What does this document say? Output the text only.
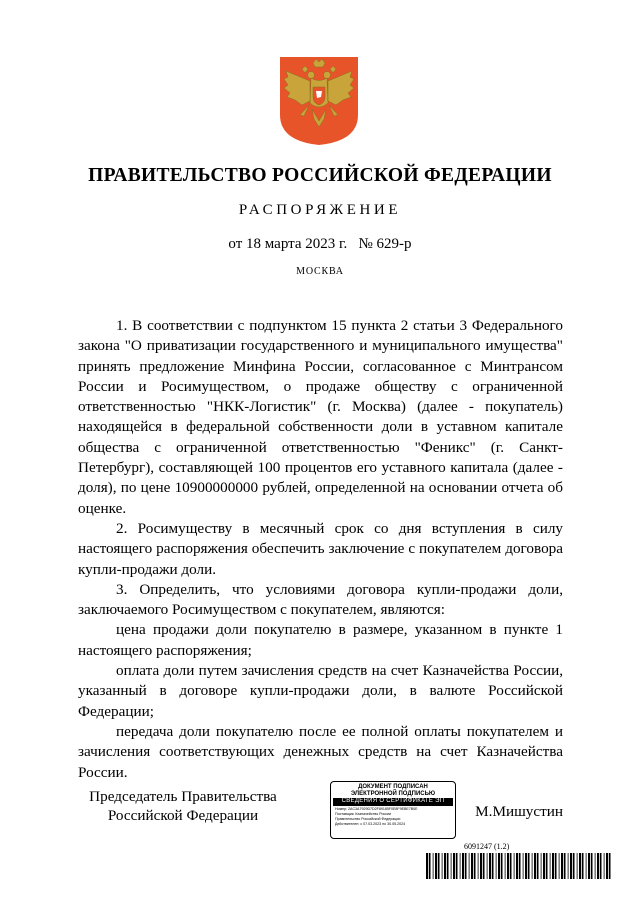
ПРАВИТЕЛЬСТВО РОССИЙСКОЙ ФЕДЕРАЦИИ
РАСПОРЯЖЕНИЕ
от 18 марта 2023 г. № 629-р
МОСКВА

1. В соответствии с подпунктом 15 пункта 2 статьи 3 Федерального закона "О приватизации государственного и муниципального имущества" принять предложение Минфина России, согласованное с Минтрансом России и Росимуществом, о продаже обществу с ограниченной ответственностью "НКК-Логистик" (г. Москва) (далее - покупатель) находящейся в федеральной собственности доли в уставном капитале общества с ограниченной ответственностью "Феникс" (г. Санкт-Петербург), составляющей 100 процентов его уставного капитала (далее - доля), по цене 10900000000 рублей, определенной на основании отчета об оценке.

2. Росимуществу в месячный срок со дня вступления в силу настоящего распоряжения обеспечить заключение с покупателем договора купли-продажи доли.

3. Определить, что условиями договора купли-продажи доли, заключаемого Росимуществом с покупателем, являются:

цена продажи доли покупателю в размере, указанном в пункте 1 настоящего распоряжения;

оплата доли путем зачисления средств на счет Казначейства России, указанный в договоре купли-продажи доли, в валюте Российской Федерации;

передача доли покупателю после ее полной оплаты покупателем и зачисления соответствующих денежных средств на счет Казначейства России.

Председатель Правительства
Российской Федерации
ДОКУМЕНТ ПОДПИСАН
ЭЛЕКТРОННОЙ ПОДПИСЬЮ
СВЕДЕНИЯ О СЕРТИФИКАТЕ ЭП
Номер: 2AC3A7929D7D2F89185F0E8F9EBE7B0E
Поставщик: Казначейство России
Правительство Российской Федерации
Действителен: с 07.03.2023 по 30.05.2024
М.Мишустин
6091247 (1.2)
